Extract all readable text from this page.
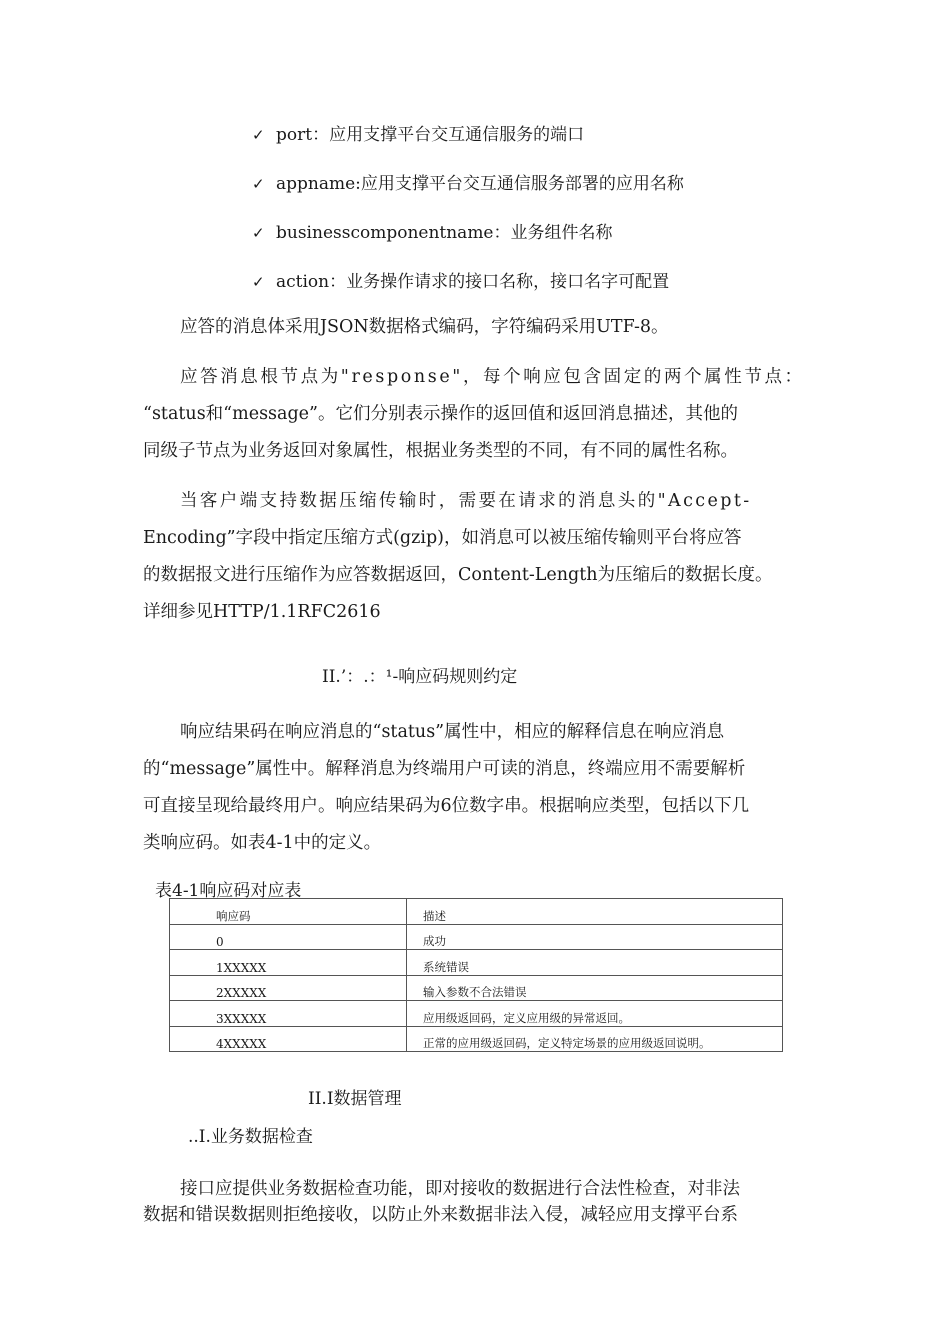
✓ port：应用支撑平台交互通信服务的端口
✓ appname:应用支撑平台交互通信服务部署的应用名称
✓ businesscomponentname：业务组件名称
✓ action：业务操作请求的接口名称，接口名字可配置
应答的消息体采用JSON数据格式编码，字符编码采用UTF-8。
应答消息根节点为"response"，每个响应包含固定的两个属性节点：
“status和“message”。它们分别表示操作的返回值和返回消息描述，其他的
同级子节点为业务返回对象属性，根据业务类型的不同，有不同的属性名称。
当客户端支持数据压缩传输时，需要在请求的消息头的"Accept-
Encoding”字段中指定压缩方式(gzip)，如消息可以被压缩传输则平台将应答
的数据报文进行压缩作为应答数据返回，Content-Length为压缩后的数据长度。
详细参见HTTP/1.1RFC2616
II.’：.：¹-响应码规则约定
响应结果码在响应消息的“status”属性中，相应的解释信息在响应消息
的“message”属性中。解释消息为终端用户可读的消息，终端应用不需要解析
可直接呈现给最终用户。响应结果码为6位数字串。根据响应类型，包括以下几
类响应码。如表4-1中的定义。
表4-1响应码对应表
响应码	描述
0	成功
1XXXXX	系统错误
2XXXXX	输入参数不合法错误
3XXXXX	应用级返回码，定义应用级的异常返回。
4XXXXX	正常的应用级返回码，定义特定场景的应用级返回说明。
II.I数据管理
..I.业务数据检查
接口应提供业务数据检查功能，即对接收的数据进行合法性检查，对非法
数据和错误数据则拒绝接收，以防止外来数据非法入侵，减轻应用支撑平台系
